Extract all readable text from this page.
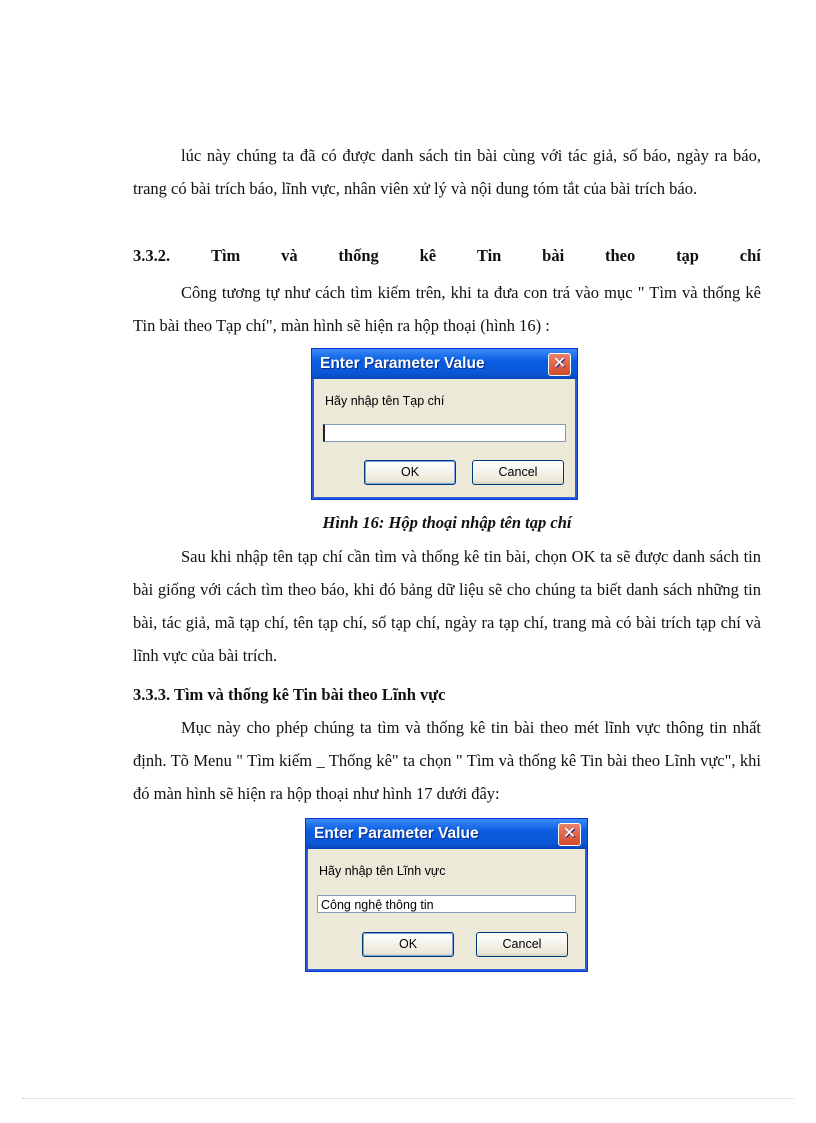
lúc này chúng ta đã có được danh sách tin bài cùng với tác giả, số báo, ngày ra báo, trang có bài trích báo, lĩnh vực, nhân viên xử lý và nội dung tóm tắt của bài trích báo.

3.3.2. Tìm và thống kê Tin bài theo tạp chí

Công tương tự như cách tìm kiếm trên, khi ta đưa con trá vào mục " Tìm và thống kê Tin bài theo Tạp chí", màn hình sẽ hiện ra hộp thoại (hình 16) :

Enter Parameter Value	✕
Hãy nhập tên Tạp chí
OK	Cancel

Hình 16: Hộp thoại nhập tên tạp chí

Sau khi nhập tên tạp chí cần tìm và thống kê tin bài, chọn OK ta sẽ được danh sách tin bài giống với cách tìm theo báo, khi đó bảng dữ liệu sẽ cho chúng ta biết danh sách những tin bài, tác giả, mã tạp chí, tên tạp chí, số tạp chí, ngày ra tạp chí, trang mà có bài trích tạp chí và lĩnh vực của bài trích.

3.3.3. Tìm và thống kê Tin bài theo Lĩnh vực

Mục này cho phép chúng ta tìm và thống kê tin bài theo mét lĩnh vực thông tin nhất định. Tõ Menu " Tìm kiếm _ Thống kê" ta chọn " Tìm và thống kê Tin bài theo Lĩnh vực", khi đó màn hình sẽ hiện ra hộp thoại như hình 17 dưới đây:

Enter Parameter Value	✕
Hãy nhập tên Lĩnh vực
Công nghệ thông tin
OK	Cancel
